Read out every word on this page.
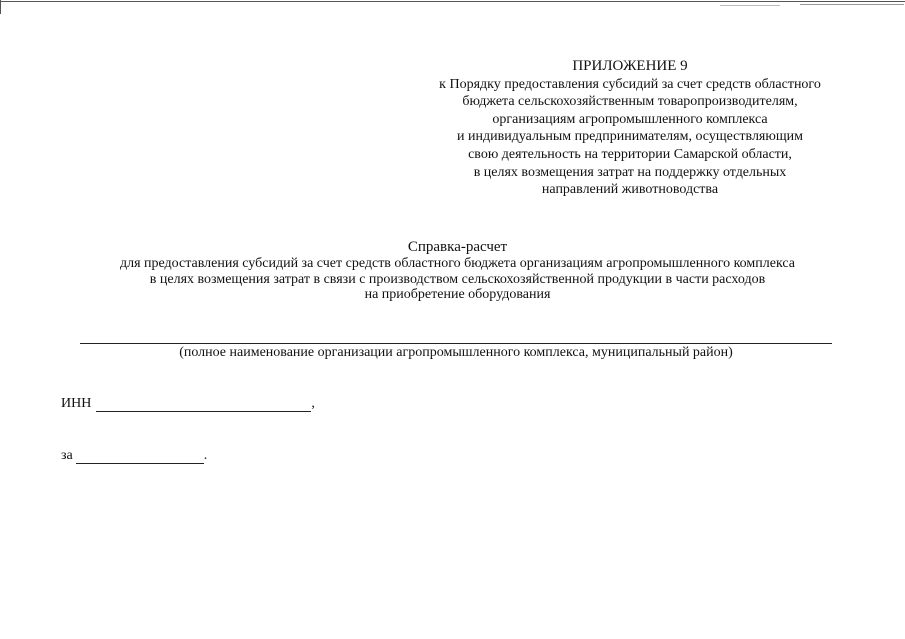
ПРИЛОЖЕНИЕ 9
к Порядку предоставления субсидий за счет средств областного
бюджета сельскохозяйственным товаропроизводителям,
организациям агропромышленного комплекса
и индивидуальным предпринимателям, осуществляющим
свою деятельность на территории Самарской области,
в целях возмещения затрат на поддержку отдельных
направлений животноводства
Справка-расчет
для предоставления субсидий за счет средств областного бюджета организациям агропромышленного комплекса
в целях возмещения затрат в связи с производством сельскохозяйственной продукции в части расходов
на приобретение оборудования
(полное наименование организации агропромышленного комплекса, муниципальный район)
ИНН	,
за	.
